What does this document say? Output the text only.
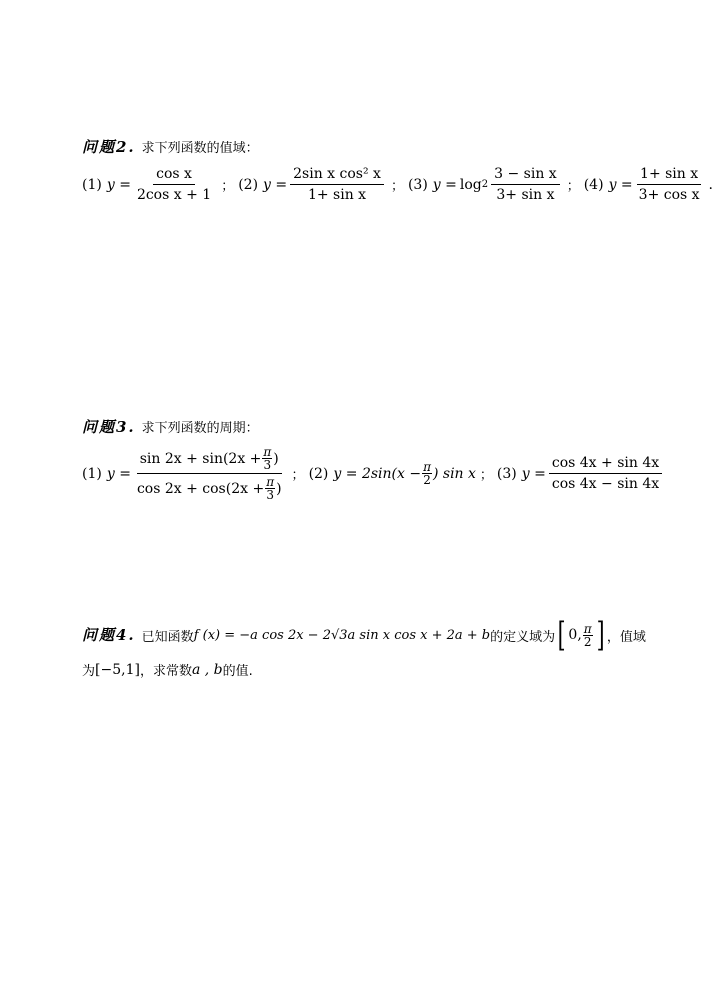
问题2. 求下列函数的值域：
(1) $y = \frac{\text{cos x}}{\text{2cos x + 1}}$ ； (2) $y = \frac{\text{2sin x cos² x}}{\text{1+ sin x}}$ ； (3) $y = \log 2 \frac{\text{3 − sin x}}{\text{3+ sin x}}$ ； (4) $y = \frac{\text{1+ sin x}}{\text{3+ cos x}}$ .
问题3. 求下列函数的周期：
(1) $y = \frac{\sin 2x + \sin(2x + \frac{\pi}{3} )}{\cos 2x + \cos(2x + \frac{\pi}{3} )}$ ； (2) $y = 2\sin(x - \frac{\pi}{2}$ ) sin x ； (3) $y = \frac{\cos 4x + \sin 4x}{\cos 4x - \sin 4x}$
问题4. 已知函数 f (x) = −a cos 2x − 2√3a sin x cos x + 2a + b 的定义域为 [ 0, π
2 ] ，值域
为 [−5,1] ，求常数 a , b 的值.
